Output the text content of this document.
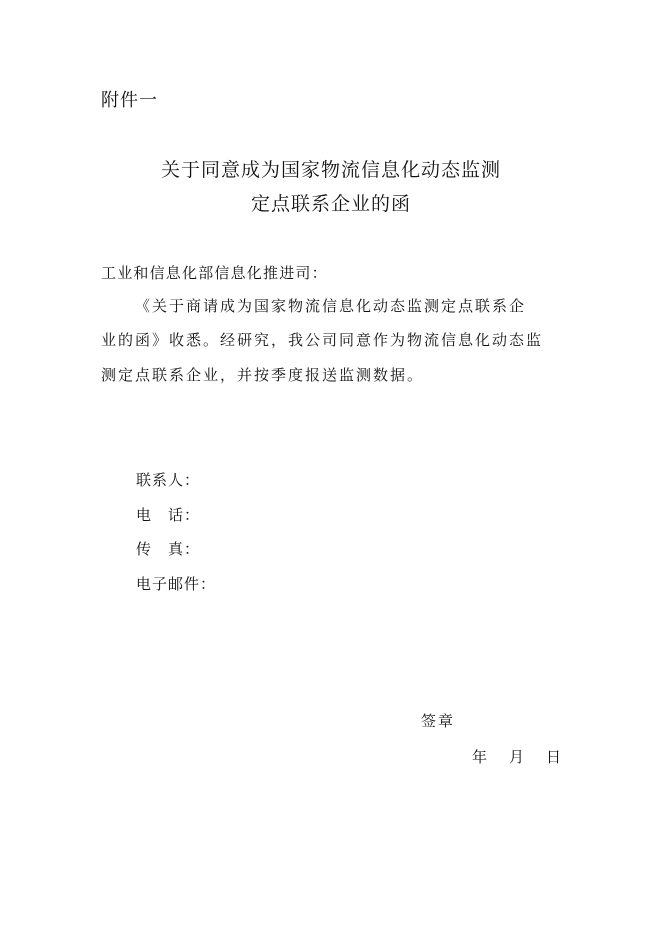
附件一
关于同意成为国家物流信息化动态监测
定点联系企业的函
工业和信息化部信息化推进司：
《关于商请成为国家物流信息化动态监测定点联系企
业的函》收悉。经研究，我公司同意作为物流信息化动态监
测定点联系企业，并按季度报送监测数据。
联系人：
电　话：
传　真：
电子邮件：
签章
年 月 日
